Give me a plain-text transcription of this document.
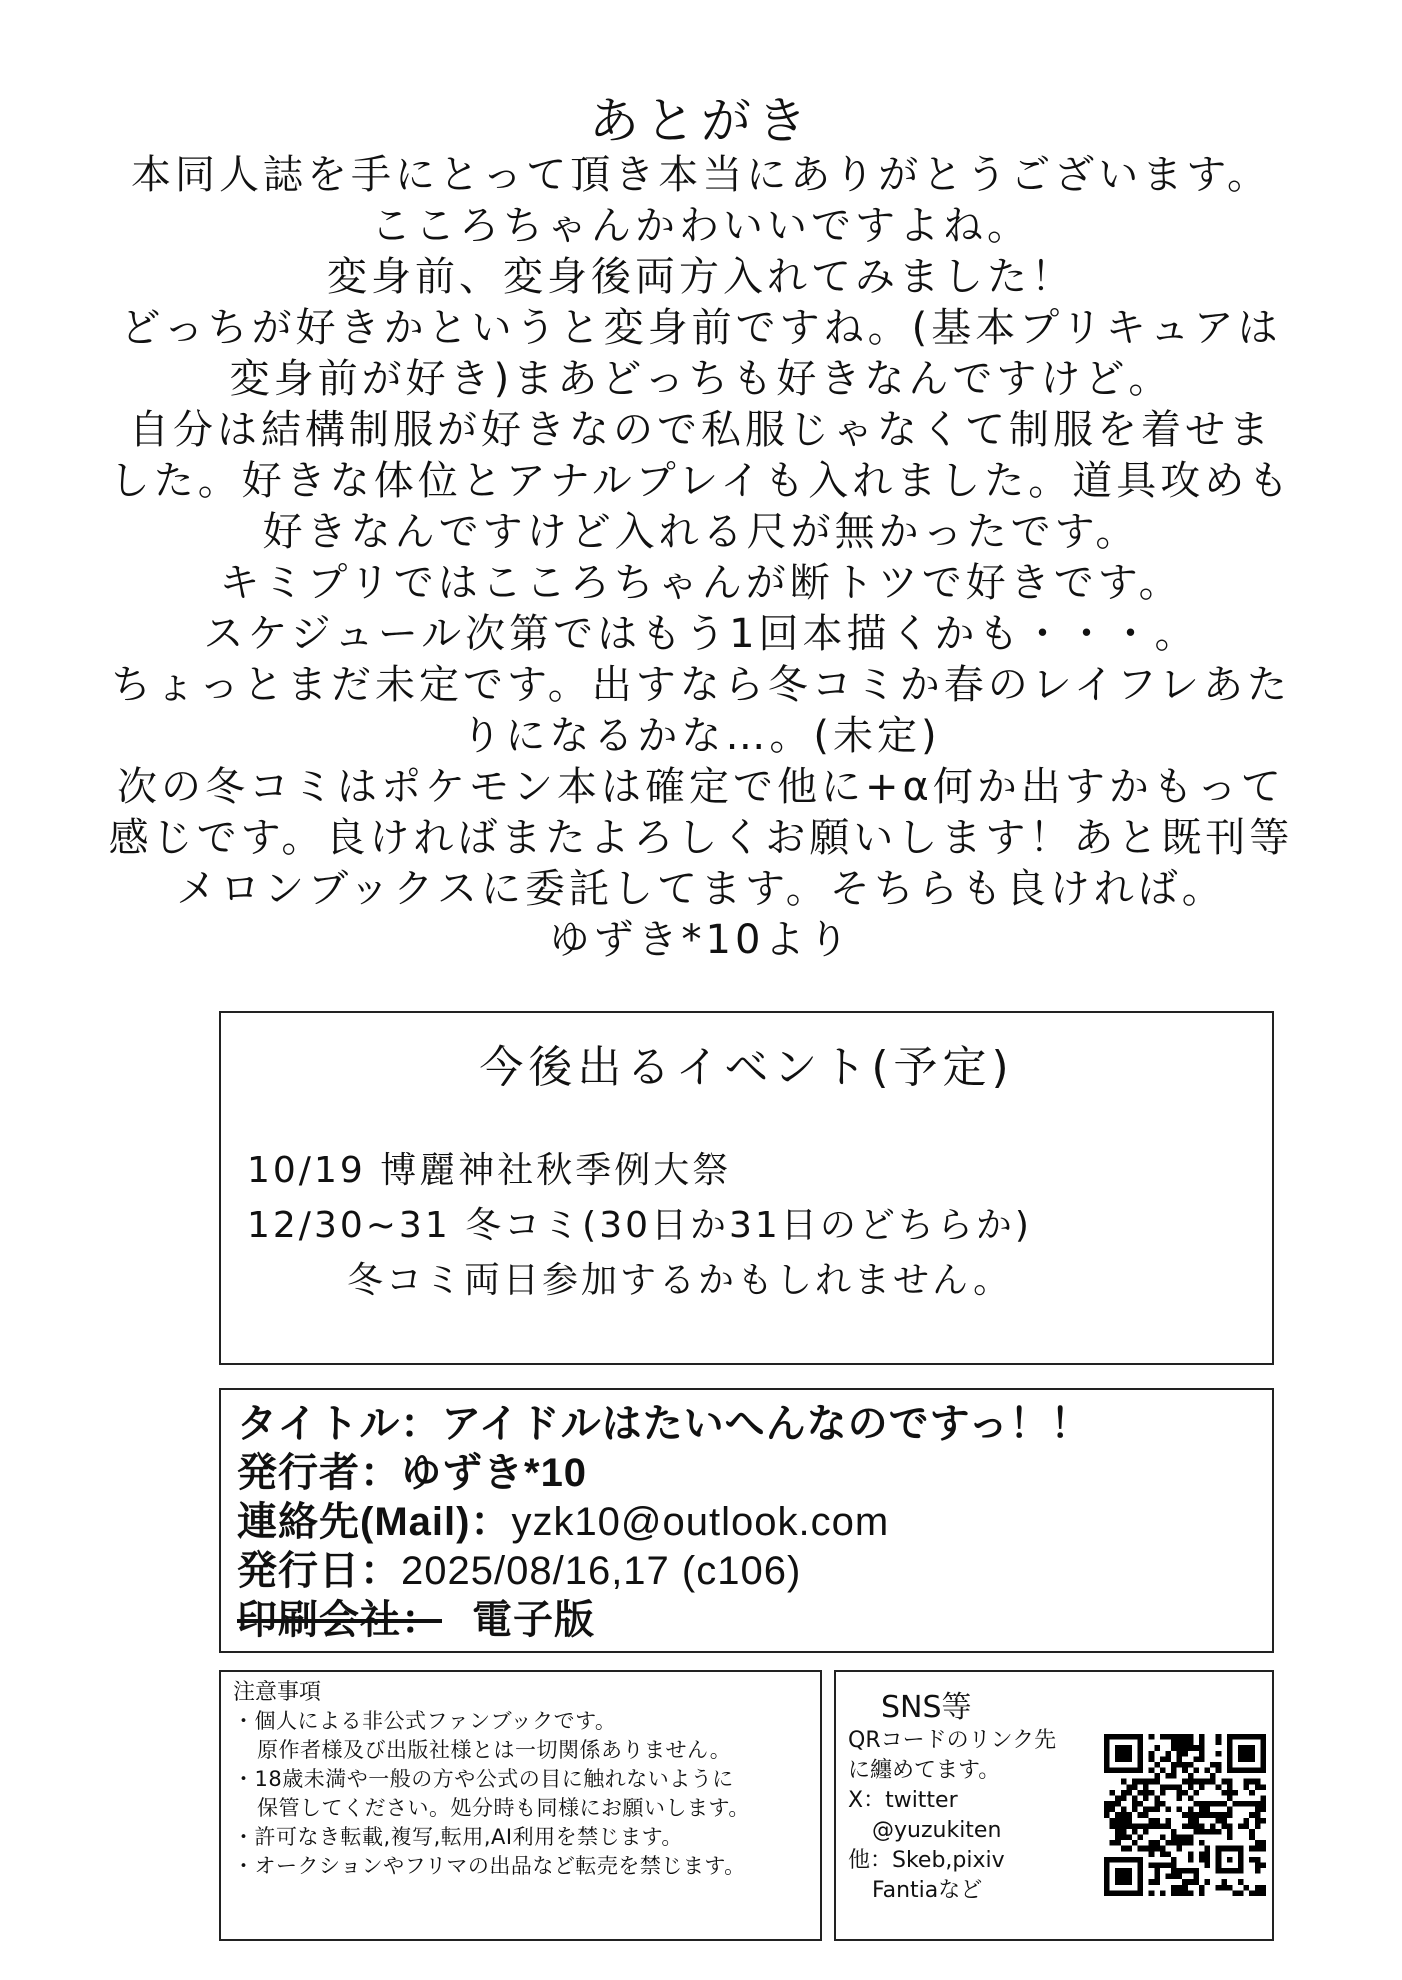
あとがき
本同人誌を手にとって頂き本当にありがとうございます。
こころちゃんかわいいですよね。
変身前、変身後両方入れてみました！
どっちが好きかというと変身前ですね。(基本プリキュアは
変身前が好き)まあどっちも好きなんですけど。
自分は結構制服が好きなので私服じゃなくて制服を着せま
した。好きな体位とアナルプレイも入れました。道具攻めも
好きなんですけど入れる尺が無かったです。
キミプリではこころちゃんが断トツで好きです。
スケジュール次第ではもう1回本描くかも・・・。
ちょっとまだ未定です。出すなら冬コミか春のレイフレあた
りになるかな…。(未定)
次の冬コミはポケモン本は確定で他に+α何か出すかもって
感じです。良ければまたよろしくお願いします！あと既刊等
メロンブックスに委託してます。そちらも良ければ。
ゆずき*10より
今後出るイベント(予定)
10/19 博麗神社秋季例大祭
12/30~31 冬コミ(30日か31日のどちらか)
冬コミ両日参加するかもしれません。
タイトル：アイドルはたいへんなのですっ！！
発行者：ゆずき*10
連絡先(Mail)：yzk10@outlook.com
発行日：2025/08/16,17 (c106)
印刷会社： 電子版
注意事項
・個人による非公式ファンブックです。
原作者様及び出版社様とは一切関係ありません。
・18歳未満や一般の方や公式の目に触れないように
保管してください。処分時も同様にお願いします。
・許可なき転載,複写,転用,AI利用を禁じます。
・オークションやフリマの出品など転売を禁じます。
SNS等
QRコードのリンク先
に纏めてます。
X：twitter
@yuzukiten
他：Skeb,pixiv
Fantiaなど
